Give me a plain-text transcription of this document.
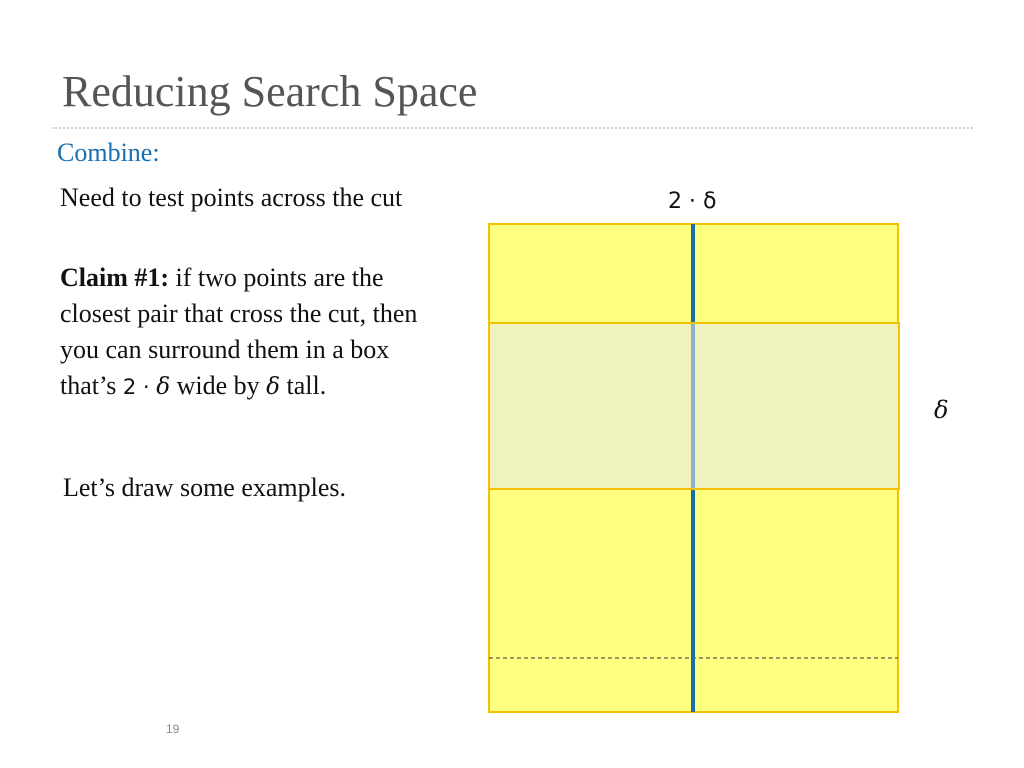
Reducing Search Space
Combine:
Need to test points across the cut
Claim #1: if two points are the closest pair that cross the cut, then you can surround them in a box that’s 2 ⋅ δ wide by δ tall.
Let’s draw some examples.
2 ⋅ δ
δ
19
